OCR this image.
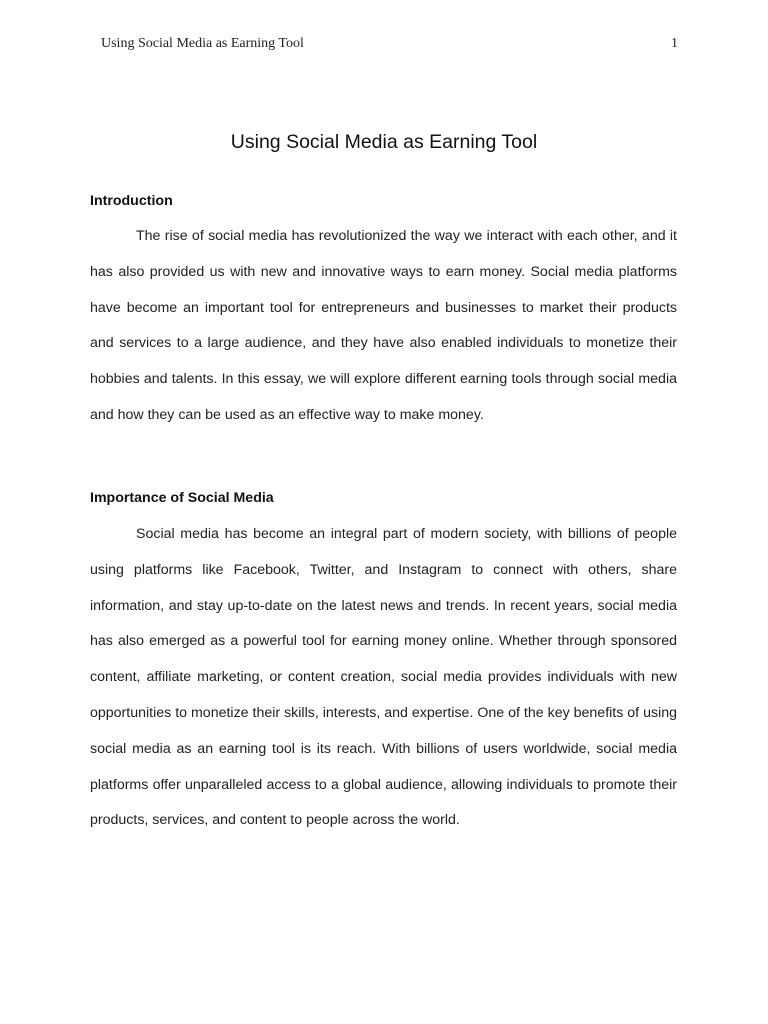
Using Social Media as Earning Tool	1
Using Social Media as Earning Tool
Introduction

The rise of social media has revolutionized the way we interact with each other, and it has also provided us with new and innovative ways to earn money. Social media platforms have become an important tool for entrepreneurs and businesses to market their products and services to a large audience, and they have also enabled individuals to monetize their hobbies and talents. In this essay, we will explore different earning tools through social media and how they can be used as an effective way to make money.

Importance of Social Media

Social media has become an integral part of modern society, with billions of people using platforms like Facebook, Twitter, and Instagram to connect with others, share information, and stay up-to-date on the latest news and trends. In recent years, social media has also emerged as a powerful tool for earning money online. Whether through sponsored content, affiliate marketing, or content creation, social media provides individuals with new opportunities to monetize their skills, interests, and expertise. One of the key benefits of using social media as an earning tool is its reach. With billions of users worldwide, social media platforms offer unparalleled access to a global audience, allowing individuals to promote their products, services, and content to people across the world.
